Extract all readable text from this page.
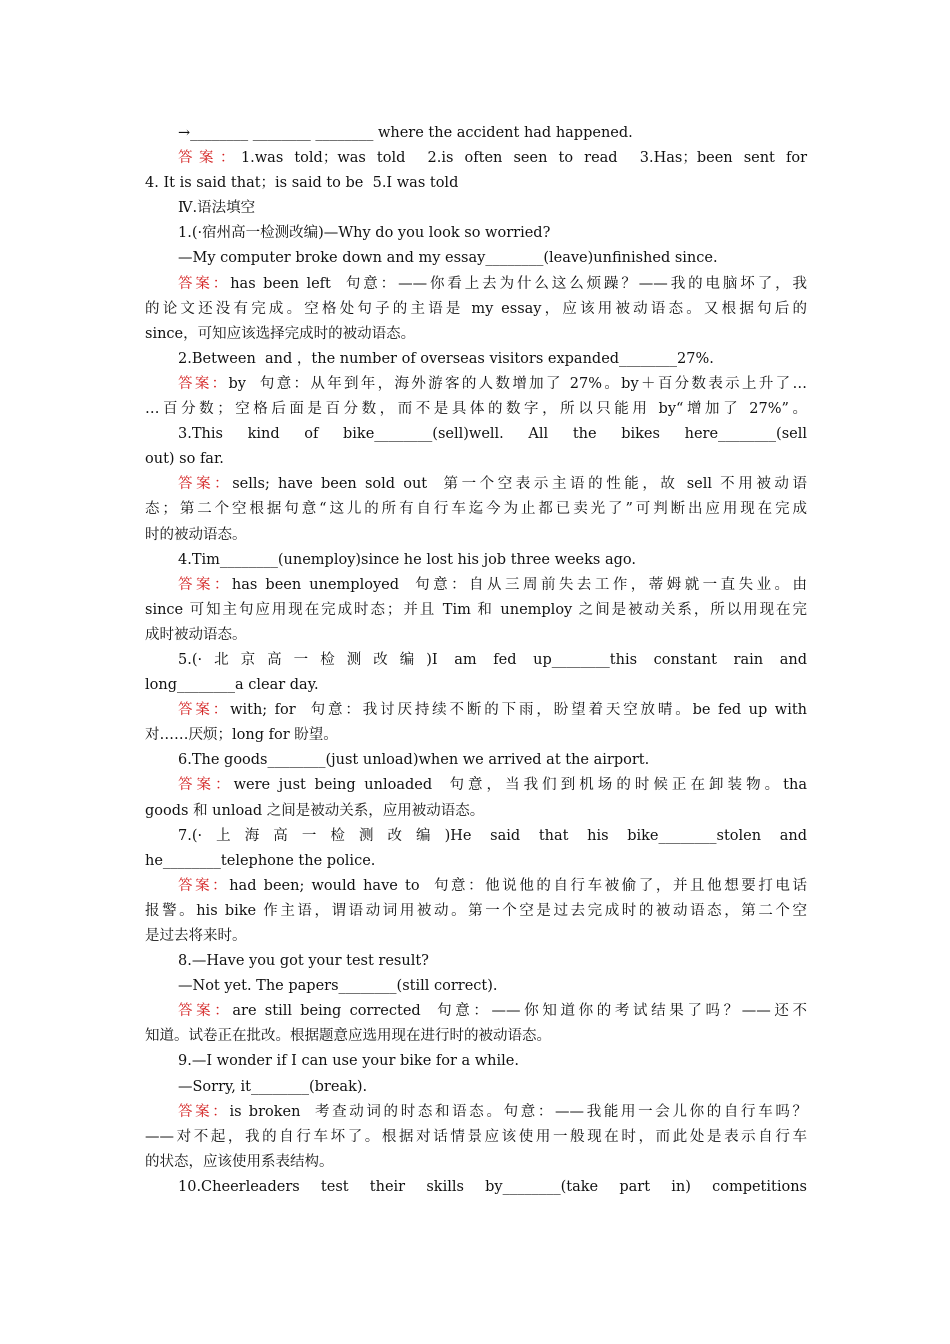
→________ ________ ________ where the accident had happened.
答案：1.was told；was told  2.is often seen to read  3.Has；been sent for
4. It is said that；is said to be  5.I was told
Ⅳ.语法填空
1.(·宿州高一检测改编)—Why do you look so worried?
—My computer broke down and my essay________(leave)unfinished since.
答案：has been left  句意：——你看上去为什么这么烦躁？——我的电脑坏了，我
的论文还没有完成。空格处句子的主语是 my essay，应该用被动语态。又根据句后的
since，可知应该选择完成时的被动语态。
2.Between  and ，the number of overseas visitors expanded________27%.
答案：by  句意：从年到年，海外游客的人数增加了 27%。by＋百分数表示上升了…
…百分数；空格后面是百分数，而不是具体的数字，所以只能用 by“增加了 27%”。
3.This kind of bike________(sell)well. All the bikes here________(sell
out) so far.
答案：sells; have been sold out  第一个空表示主语的性能，故 sell 不用被动语
态；第二个空根据句意“这儿的所有自行车迄今为止都已卖光了”可判断出应用现在完成
时的被动语态。
4.Tim________(unemploy)since he lost his job three weeks ago.
答案：has been unemployed  句意：自从三周前失去工作，蒂姆就一直失业。由
since 可知主句应用现在完成时态；并且 Tim 和 unemploy 之间是被动关系，所以用现在完
成时被动语态。
5.(·北京高一检测改编)I am fed up________this constant rain and
long________a clear day.
答案：with; for  句意：我讨厌持续不断的下雨，盼望着天空放晴。be fed up with
对……厌烦；long for 盼望。
6.The goods________(just unload)when we arrived at the airport.
答案：were just being unloaded  句意，当我们到机场的时候正在卸装物。tha
goods 和 unload 之间是被动关系，应用被动语态。
7.(·上海高一检测改编)He said that his bike________stolen and
he________telephone the police.
答案：had been; would have to  句意：他说他的自行车被偷了，并且他想要打电话
报警。his bike 作主语，谓语动词用被动。第一个空是过去完成时的被动语态，第二个空
是过去将来时。
8.—Have you got your test result?
—Not yet. The papers________(still correct).
答案：are still being corrected  句意：——你知道你的考试结果了吗？——还不
知道。试卷正在批改。根据题意应选用现在进行时的被动语态。
9.—I wonder if I can use your bike for a while.
—Sorry, it________(break).
答案：is broken  考查动词的时态和语态。句意：——我能用一会儿你的自行车吗？
——对不起，我的自行车坏了。根据对话情景应该使用一般现在时，而此处是表示自行车
的状态，应该使用系表结构。
10.Cheerleaders test their skills by________(take part in) competitions
